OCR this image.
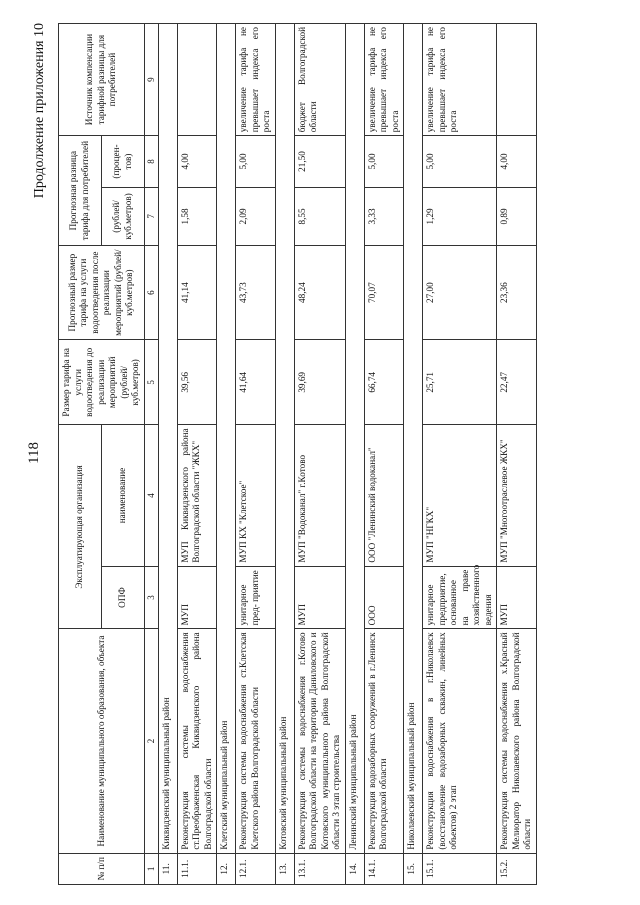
118
Продолжение приложения 10
№ п/п	Наименование муниципального образования, объекта	Эксплуатирующая организация		Размер тарифа на услуги водоотведения до реализации мероприятий (рублей/ куб.метров)	Прогнозный размер тарифа на услуги водоотведения после реализации мероприятий (рублей/ куб.метров)	Прогнозная разница тарифа для потребителей		Источник компенсации тарифной разницы для потребителей
		ОПФ	наименование			(рублей/ куб.метров)	(процен- тов)	
1	2	3	4	5	6	7	8	9
11.	Киквидзенский муниципальный район							
11.1.	Реконструкция системы водоснабжения ст.Преображенская Киквидзенского района Волгоградской области	МУП	МУП Киквидзенского района Волгоградской области "ЖКХ"	39,56	41,14	1,58	4,00	
12.	Клетский муниципальный район							
12.1.	Реконструкция системы водоснабжения ст.Клетская Клетского района Волгоградской области	унитарное пред- приятие	МУП КХ "Клетское"	41,64	43,73	2,09	5,00	увеличение тарифа не превышает индекса его роста
13.	Котовский муниципальный район							
13.1.	Реконструкция системы водоснабжения г.Котово Волгоградской области на территории Даниловского и Котовского муниципального района Волгоградской области 3 этап строительства	МУП	МУП "Водоканал" г.Котово	39,69	48,24	8,55	21,50	бюджет Волгоградской области
14.	Ленинский муниципальный район							
14.1.	Реконструкция водозаборных сооружений в г.Ленинск Волгоградской области	ООО	ООО "Ленинский водоканал"	66,74	70,07	3,33	5,00	увеличение тарифа не превышает индекса его роста
15.	Николаевский муниципальный район							
15.1.	Реконструкция водоснабжения в г.Николаевск (восстановление водозаборных скважин, линейных объектов) 2 этап	унитарное предприятие, основанное на праве хозяйственного ведения	МУП "НГКХ"	25,71	27,00	1,29	5,00	увеличение тарифа не превышает индекса его роста
15.2.	Реконструкция системы водоснабжения х.Красный Мелиоратор Николаевского района Волгоградской области	МУП	МУП "Многоотраслевое ЖКХ"	22,47	23,36	0,89	4,00	
